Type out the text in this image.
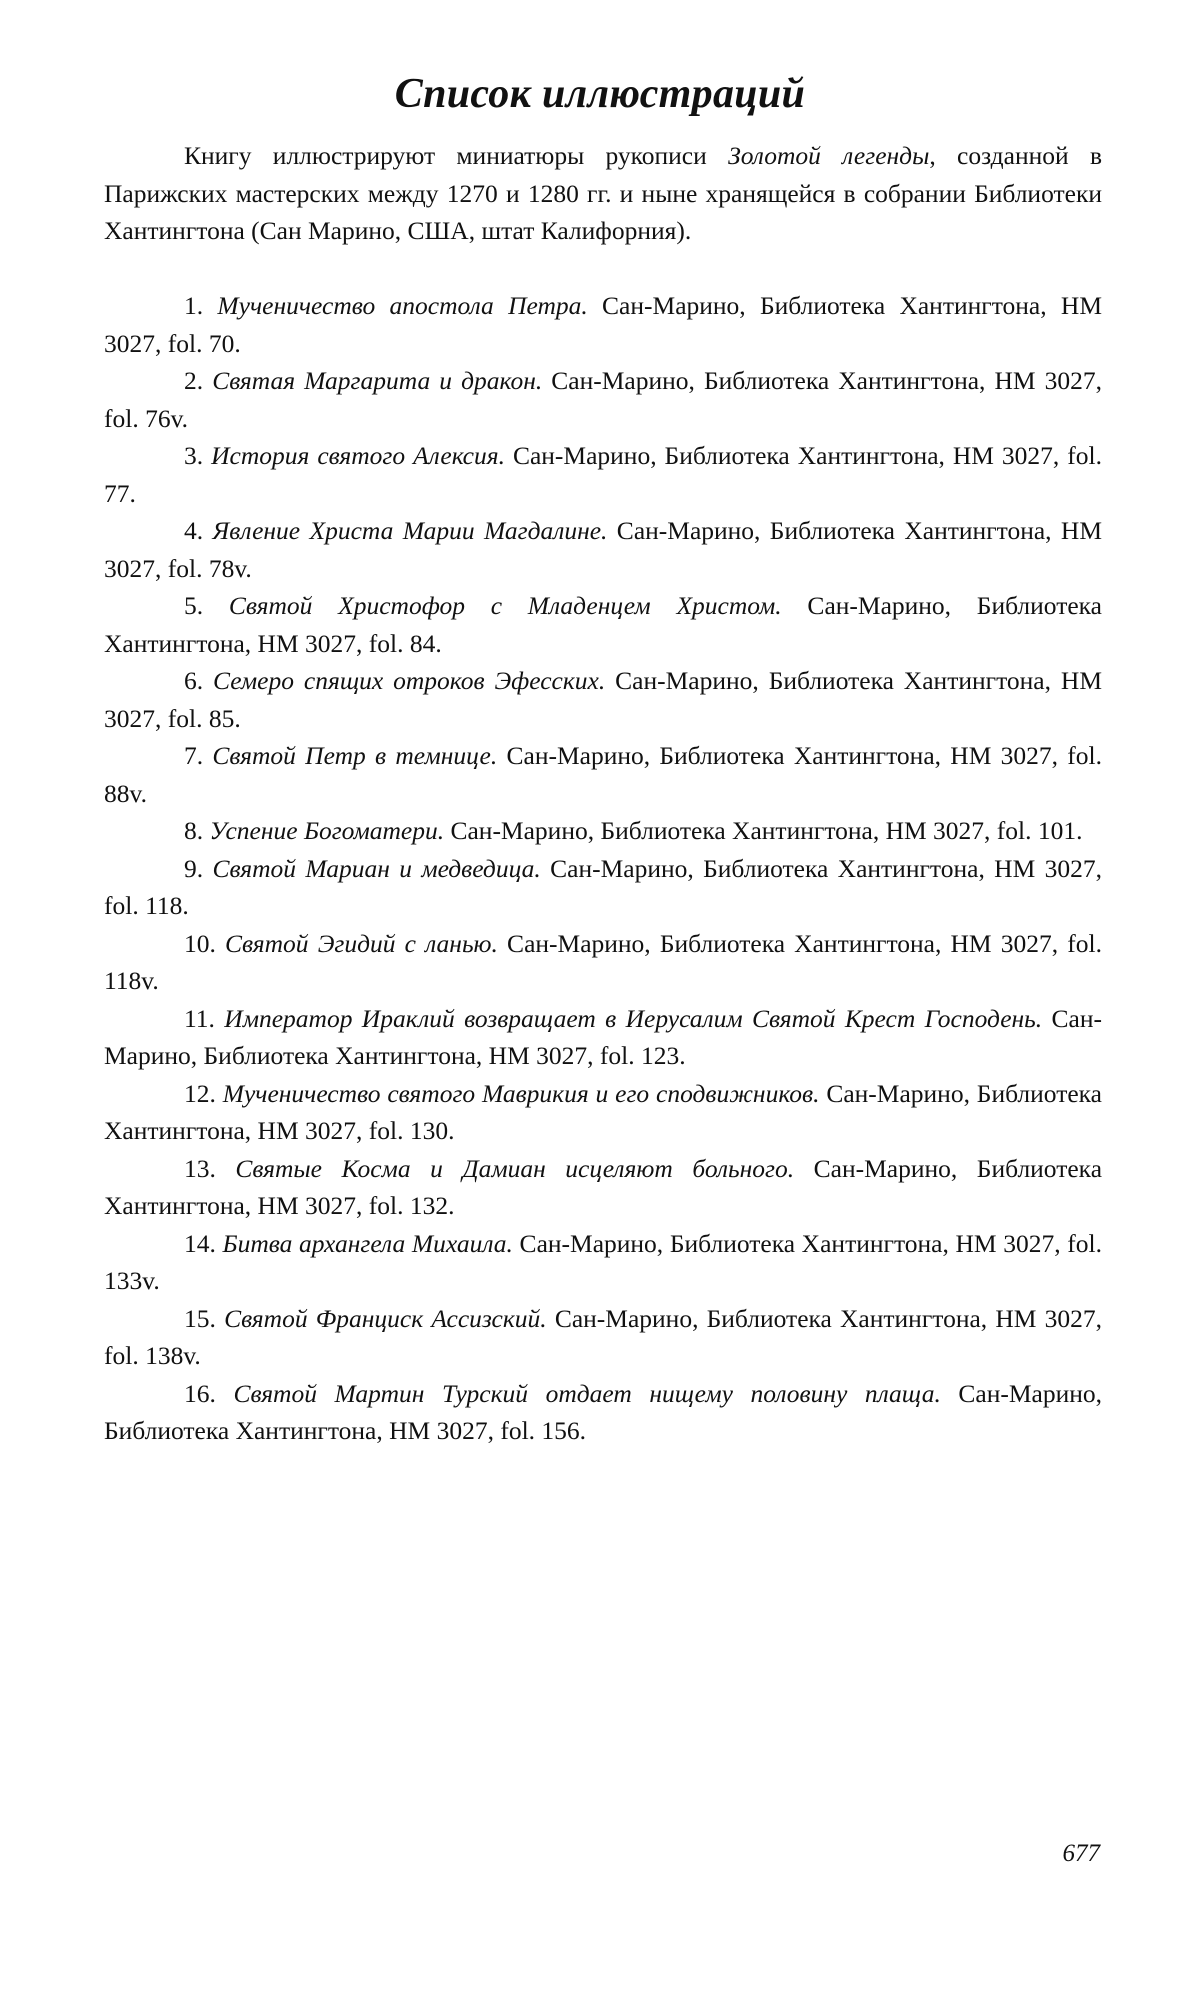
Список иллюстраций

Книгу иллюстрируют миниатюры рукописи Золотой легенды, созданной в Парижских мастерских между 1270 и 1280 гг. и ныне хранящейся в собрании Библиотеки Хантингтона (Сан Марино, США, штат Калифорния).

1. Мученичество апостола Петра. Сан-Марино, Библиотека Хантингтона, HM 3027, fol. 70.

2. Святая Маргарита и дракон. Сан-Марино, Библиотека Хантингтона, HM 3027, fol. 76v.

3. История святого Алексия. Сан-Марино, Библиотека Хантингтона, HM 3027, fol. 77.

4. Явление Христа Марии Магдалине. Сан-Марино, Библиотека Хантингтона, HM 3027, fol. 78v.

5. Святой Христофор с Младенцем Христом. Сан-Марино, Библиотека Хантингтона, HM 3027, fol. 84.

6. Семеро спящих отроков Эфесских. Сан-Марино, Библиотека Хантингтона, HM 3027, fol. 85.

7. Святой Петр в темнице. Сан-Марино, Библиотека Хантингтона, HM 3027, fol. 88v.

8. Успение Богоматери. Сан-Марино, Библиотека Хантингтона, HM 3027, fol. 101.

9. Святой Мариан и медведица. Сан-Марино, Библиотека Хантингтона, HM 3027, fol. 118.

10. Святой Эгидий с ланью. Сан-Марино, Библиотека Хантингтона, HM 3027, fol. 118v.

11. Император Ираклий возвращает в Иерусалим Святой Крест Господень. Сан-Марино, Библиотека Хантингтона, HM 3027, fol. 123.

12. Мученичество святого Маврикия и его сподвижников. Сан-Марино, Библиотека Хантингтона, HM 3027, fol. 130.

13. Святые Косма и Дамиан исцеляют больного. Сан-Марино, Библиотека Хантингтона, HM 3027, fol. 132.

14. Битва архангела Михаила. Сан-Марино, Библиотека Хантингтона, HM 3027, fol. 133v.

15. Святой Франциск Ассизский. Сан-Марино, Библиотека Хантингтона, HM 3027, fol. 138v.

16. Святой Мартин Турский отдает нищему половину плаща. Сан-Марино, Библиотека Хантингтона, HM 3027, fol. 156.

677
